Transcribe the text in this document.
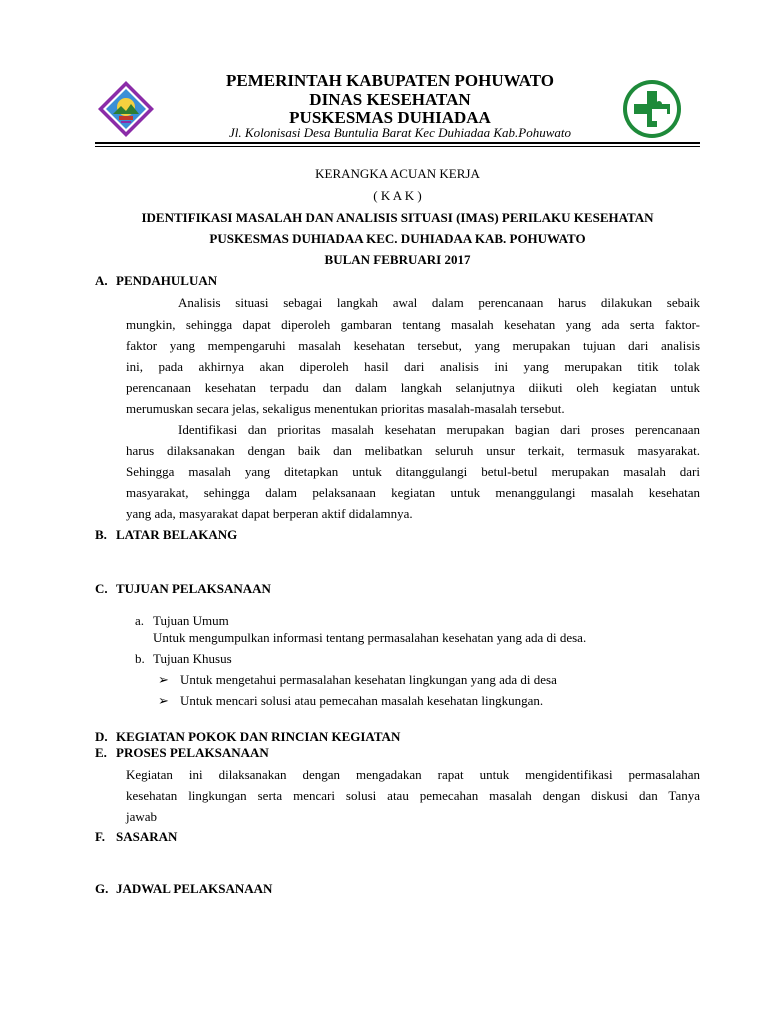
PEMERINTAH KABUPATEN POHUWATO
DINAS KESEHATAN
PUSKESMAS DUHIADAA
Jl. Kolonisasi Desa Buntulia Barat Kec Duhiadaa Kab.Pohuwato
KERANGKA ACUAN KERJA
( K A K )
IDENTIFIKASI MASALAH DAN ANALISIS SITUASI (IMAS) PERILAKU KESEHATAN
PUSKESMAS DUHIADAA KEC. DUHIADAA KAB. POHUWATO
BULAN FEBRUARI 2017
A. PENDAHULUAN
Analisis situasi sebagai langkah awal dalam perencanaan harus dilakukan sebaik
mungkin, sehingga dapat diperoleh gambaran tentang masalah kesehatan yang ada serta faktor-
faktor yang mempengaruhi masalah kesehatan tersebut, yang merupakan tujuan dari analisis
ini, pada akhirnya akan diperoleh hasil dari analisis ini yang merupakan titik tolak
perencanaan kesehatan terpadu dan dalam langkah selanjutnya diikuti oleh kegiatan untuk
merumuskan secara jelas, sekaligus menentukan prioritas masalah-masalah tersebut.
Identifikasi dan prioritas masalah kesehatan merupakan bagian dari proses perencanaan
harus dilaksanakan dengan baik dan melibatkan seluruh unsur terkait, termasuk masyarakat.
Sehingga masalah yang ditetapkan untuk ditanggulangi betul-betul merupakan masalah dari
masyarakat, sehingga dalam pelaksanaan kegiatan untuk menanggulangi masalah kesehatan
yang ada, masyarakat dapat berperan aktif didalamnya.
B. LATAR BELAKANG
C. TUJUAN PELAKSANAAN
a. Tujuan Umum
Untuk mengumpulkan informasi tentang permasalahan kesehatan yang ada di desa.
b. Tujuan Khusus
➢ Untuk mengetahui permasalahan kesehatan lingkungan yang ada di desa
➢ Untuk mencari solusi atau pemecahan masalah kesehatan lingkungan.
D. KEGIATAN POKOK DAN RINCIAN KEGIATAN
E. PROSES PELAKSANAAN
Kegiatan ini dilaksanakan dengan mengadakan rapat untuk mengidentifikasi permasalahan
kesehatan lingkungan serta mencari solusi atau pemecahan masalah dengan diskusi dan Tanya
jawab
F. SASARAN
G. JADWAL PELAKSANAAN
